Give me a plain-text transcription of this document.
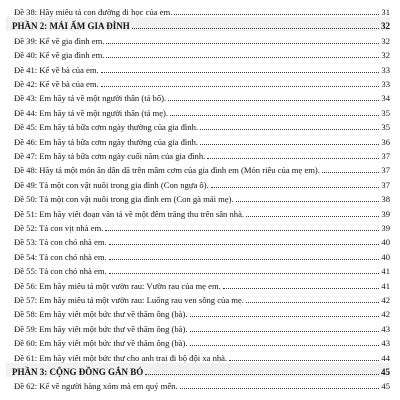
Đề 38: Hãy miêu tả con đường đi học của em.	31
PHẦN 2: MÁI ẤM GIA ĐÌNH	32
Đề 39: Kể về gia đình em.	32
Đề 40: Kể về gia đình em.	32
Đề 41: Kể về bà của em.	33
Đề 42: Kể về bà của em.	33
Đề 43: Em hãy tả về một người thân (tả bố).	34
Đề 44: Em hãy tả về một người thân (tả mẹ).	35
Đề 45: Em hãy tả bữa cơm ngày thường của gia đình.	35
Đề 46: Em hãy tả bữa cơm ngày thường của gia đình.	36
Đề 47: Em hãy tả bữa cơm ngày cuối năm của gia đình.	37
Đề 48: Hãy tả một món ăn dân dã trên mâm cơm của gia đình em (Món riêu của mẹ em).	37
Đề 49: Tả một con vật nuôi trong gia đình (Con ngựa ô).	37
Đề 50: Tả một con vật nuôi trong gia đình em (Con gà mái mẹ).	38
Đề 51: Em hãy viết đoạn văn tả về một đêm trăng thu trên sân nhà.	39
Đề 52: Tả con vịt nhà em.	39
Đề 53: Tả con chó nhà em.	40
Đề 54: Tả con chó nhà em.	40
Đề 55: Tả con chó nhà em.	41
Đề 56: Em hãy miêu tả một vườn rau: Vườn rau của mẹ em.	41
Đề 57: Em hãy miêu tả một vườn rau: Luống rau ven sông của mẹ.	42
Đề 58: Em hãy viết một bức thư về thăm ông (bà).	42
Đề 59: Em hãy viết một bức thư về thăm ông (bà).	43
Đề 60: Em hãy viết một bức thư về thăm ông (bà).	43
Đề 61: Em hãy viết một bức thư cho anh trai đi bộ đội xa nhà.	44
PHẦN 3: CỘNG ĐỒNG GẮN BÓ	45
Đề 62: Kể về người hàng xóm mà em quý mến.	45
